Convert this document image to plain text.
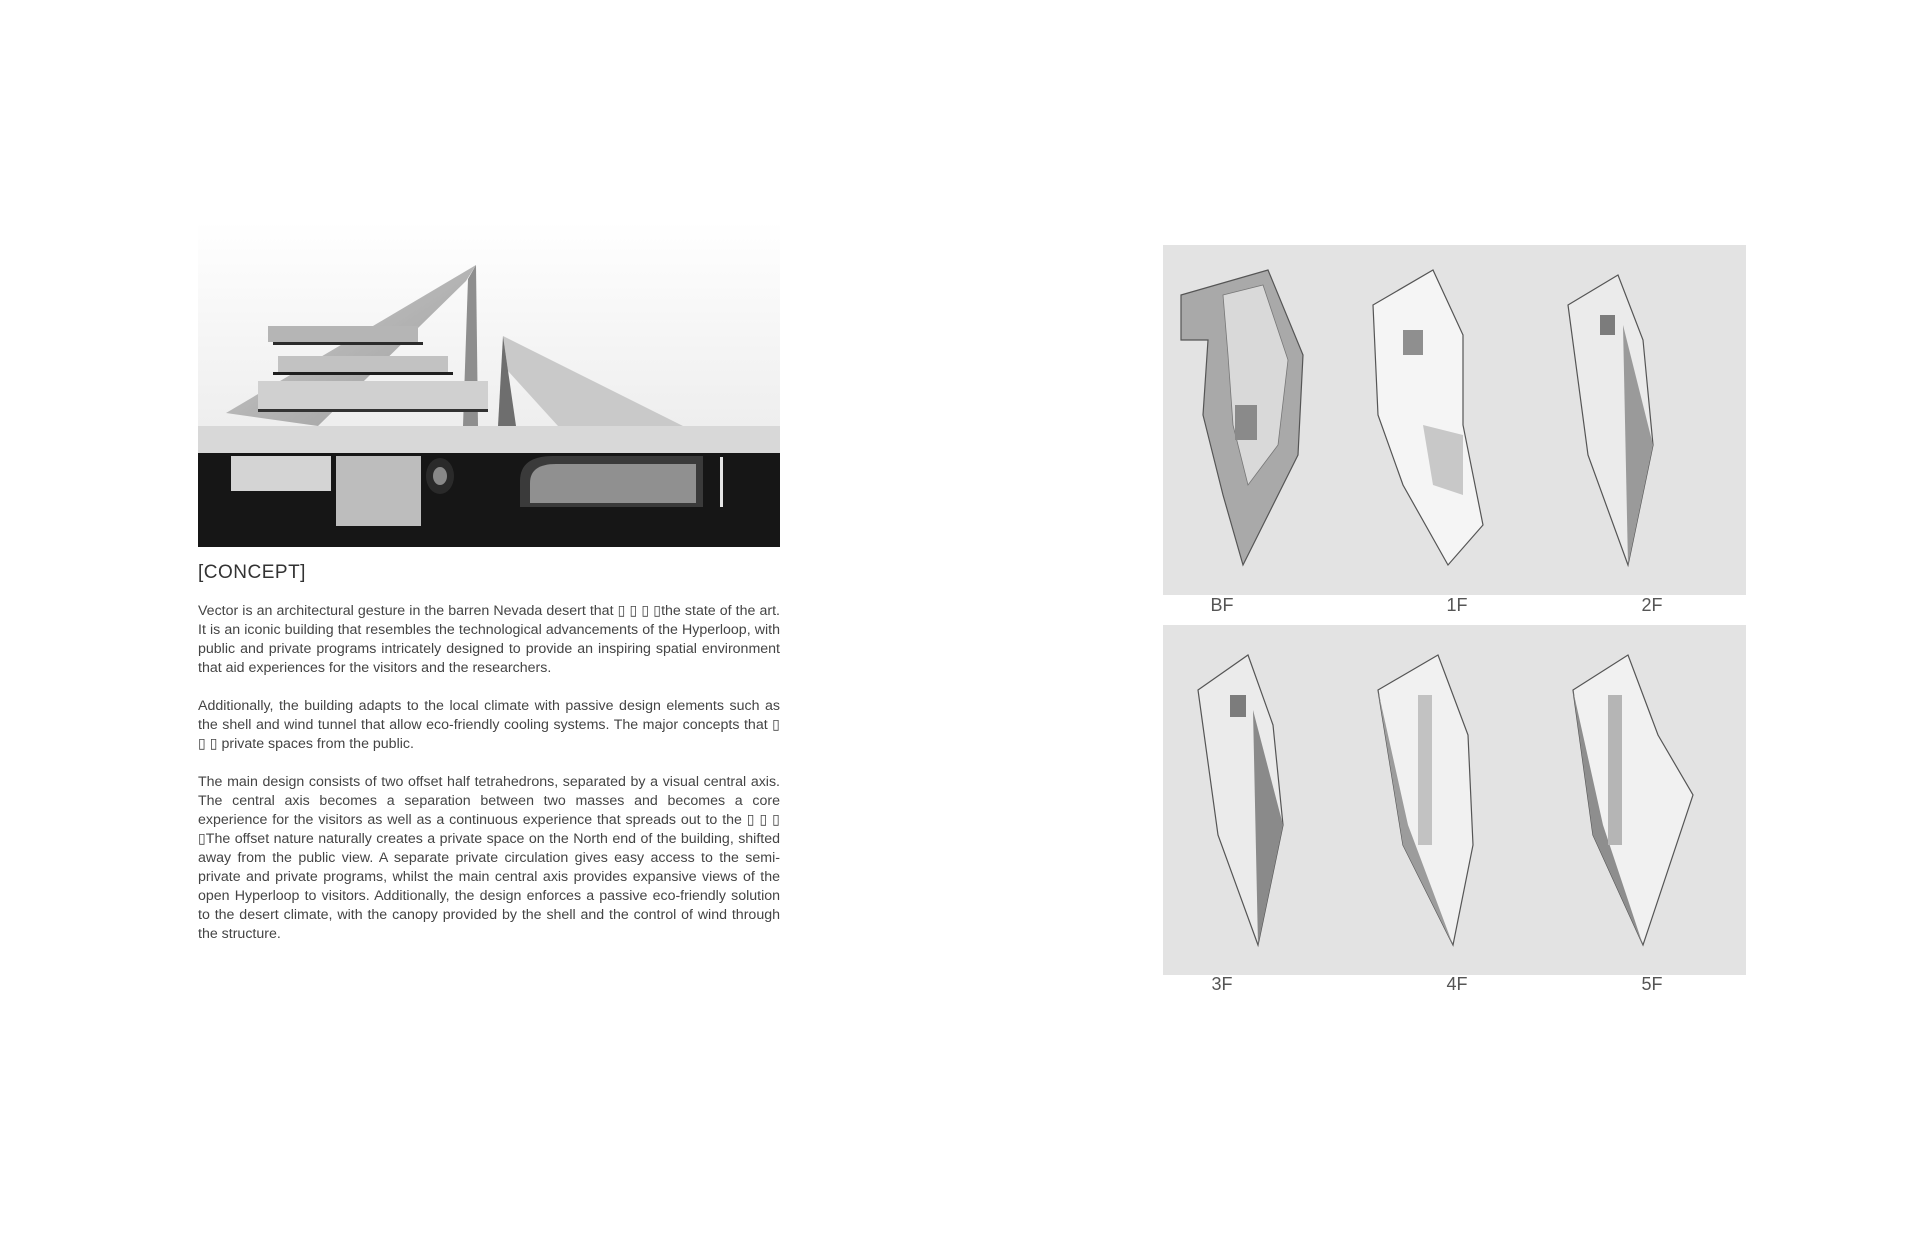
[CONCEPT]

Vector is an architectural gesture in the barren Nevada desert that ▯ ▯ ▯ ▯the state of the art. It is an iconic building that resembles the technological advancements of the Hyperloop, with public and private programs intricately designed to provide an inspiring spatial environment that aid experiences for the visitors and the researchers.

Additionally, the building adapts to the local climate with passive design elements such as the shell and wind tunnel that allow eco-friendly cooling systems. The major concepts that ▯ ▯ ▯ private spaces from the public.

The main design consists of two offset half tetrahedrons, separated by a visual central axis. The central axis becomes a separation between two masses and becomes a core experience for the visitors as well as a continuous experience that spreads out to the ▯ ▯ ▯ ▯The offset nature naturally creates a private space on the North end of the building, shifted away from the public view. A separate private circulation gives easy access to the semi-private and private programs, whilst the main central axis provides expansive views of the open Hyperloop to visitors. Additionally, the design enforces a passive eco-friendly solution to the desert climate, with the canopy provided by the shell and the control of wind through the structure.

BF	1F	2F
3F	4F	5F
